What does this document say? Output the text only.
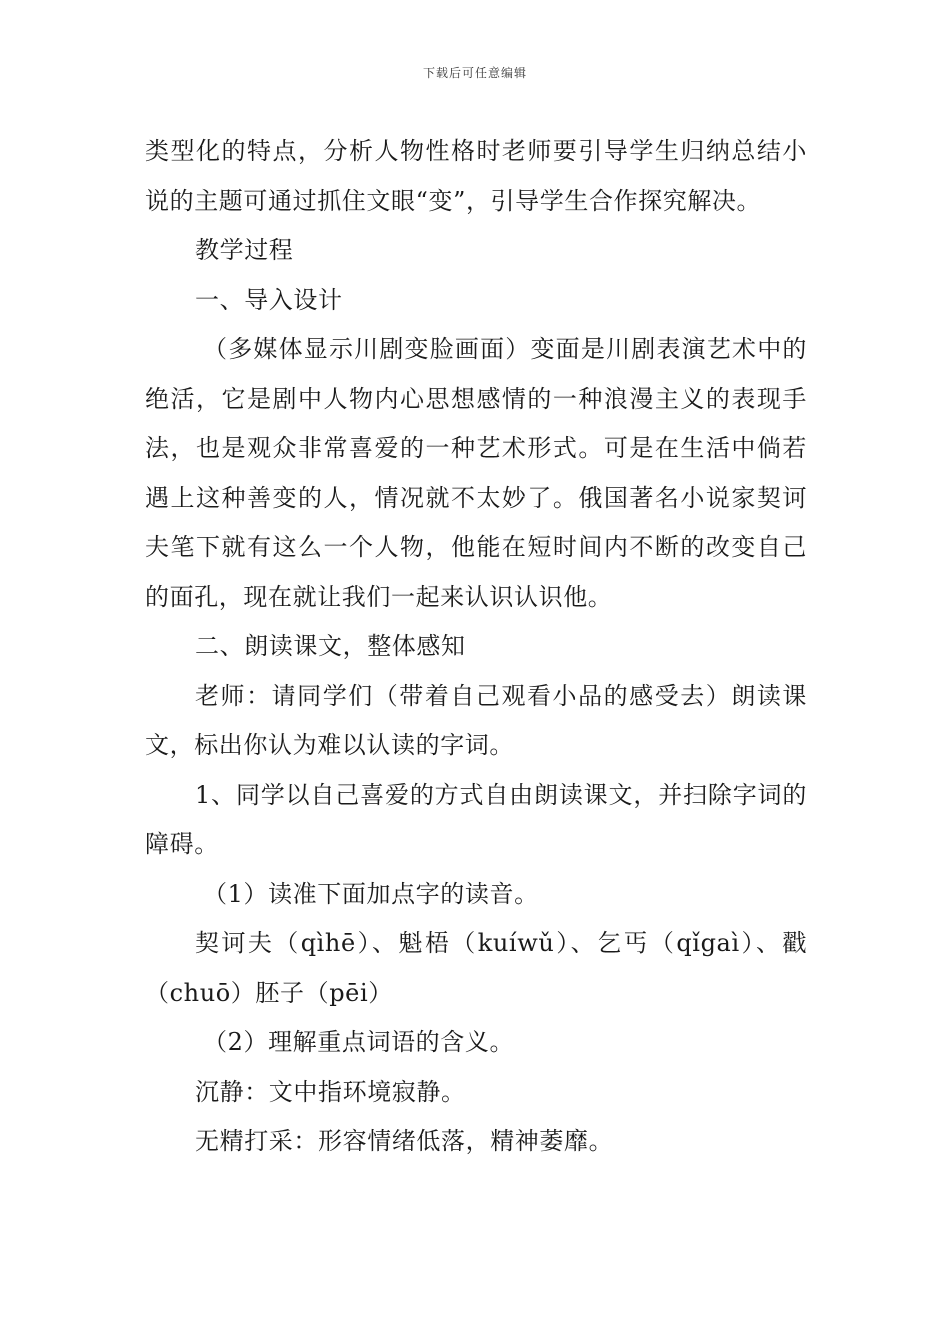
下载后可任意编辑

类型化的特点，分析人物性格时老师要引导学生归纳总结小说的主题可通过抓住文眼“变”，引导学生合作探究解决。

教学过程

一、导入设计

（多媒体显示川剧变脸画面）变面是川剧表演艺术中的绝活，它是剧中人物内心思想感情的一种浪漫主义的表现手法，也是观众非常喜爱的一种艺术形式。可是在生活中倘若遇上这种善变的人，情况就不太妙了。俄国著名小说家契诃夫笔下就有这么一个人物，他能在短时间内不断的改变自己的面孔，现在就让我们一起来认识认识他。

二、朗读课文，整体感知

老师：请同学们（带着自己观看小品的感受去）朗读课文，标出你认为难以认读的字词。

1、同学以自己喜爱的方式自由朗读课文，并扫除字词的障碍。

（1）读准下面加点字的读音。

契诃夫（qìhē）、魁梧（kuíwǔ）、乞丐（qǐgaì）、戳（chuō）胚子（pēi）

（2）理解重点词语的含义。

沉静：文中指环境寂静。

无精打采：形容情绪低落，精神萎靡。
